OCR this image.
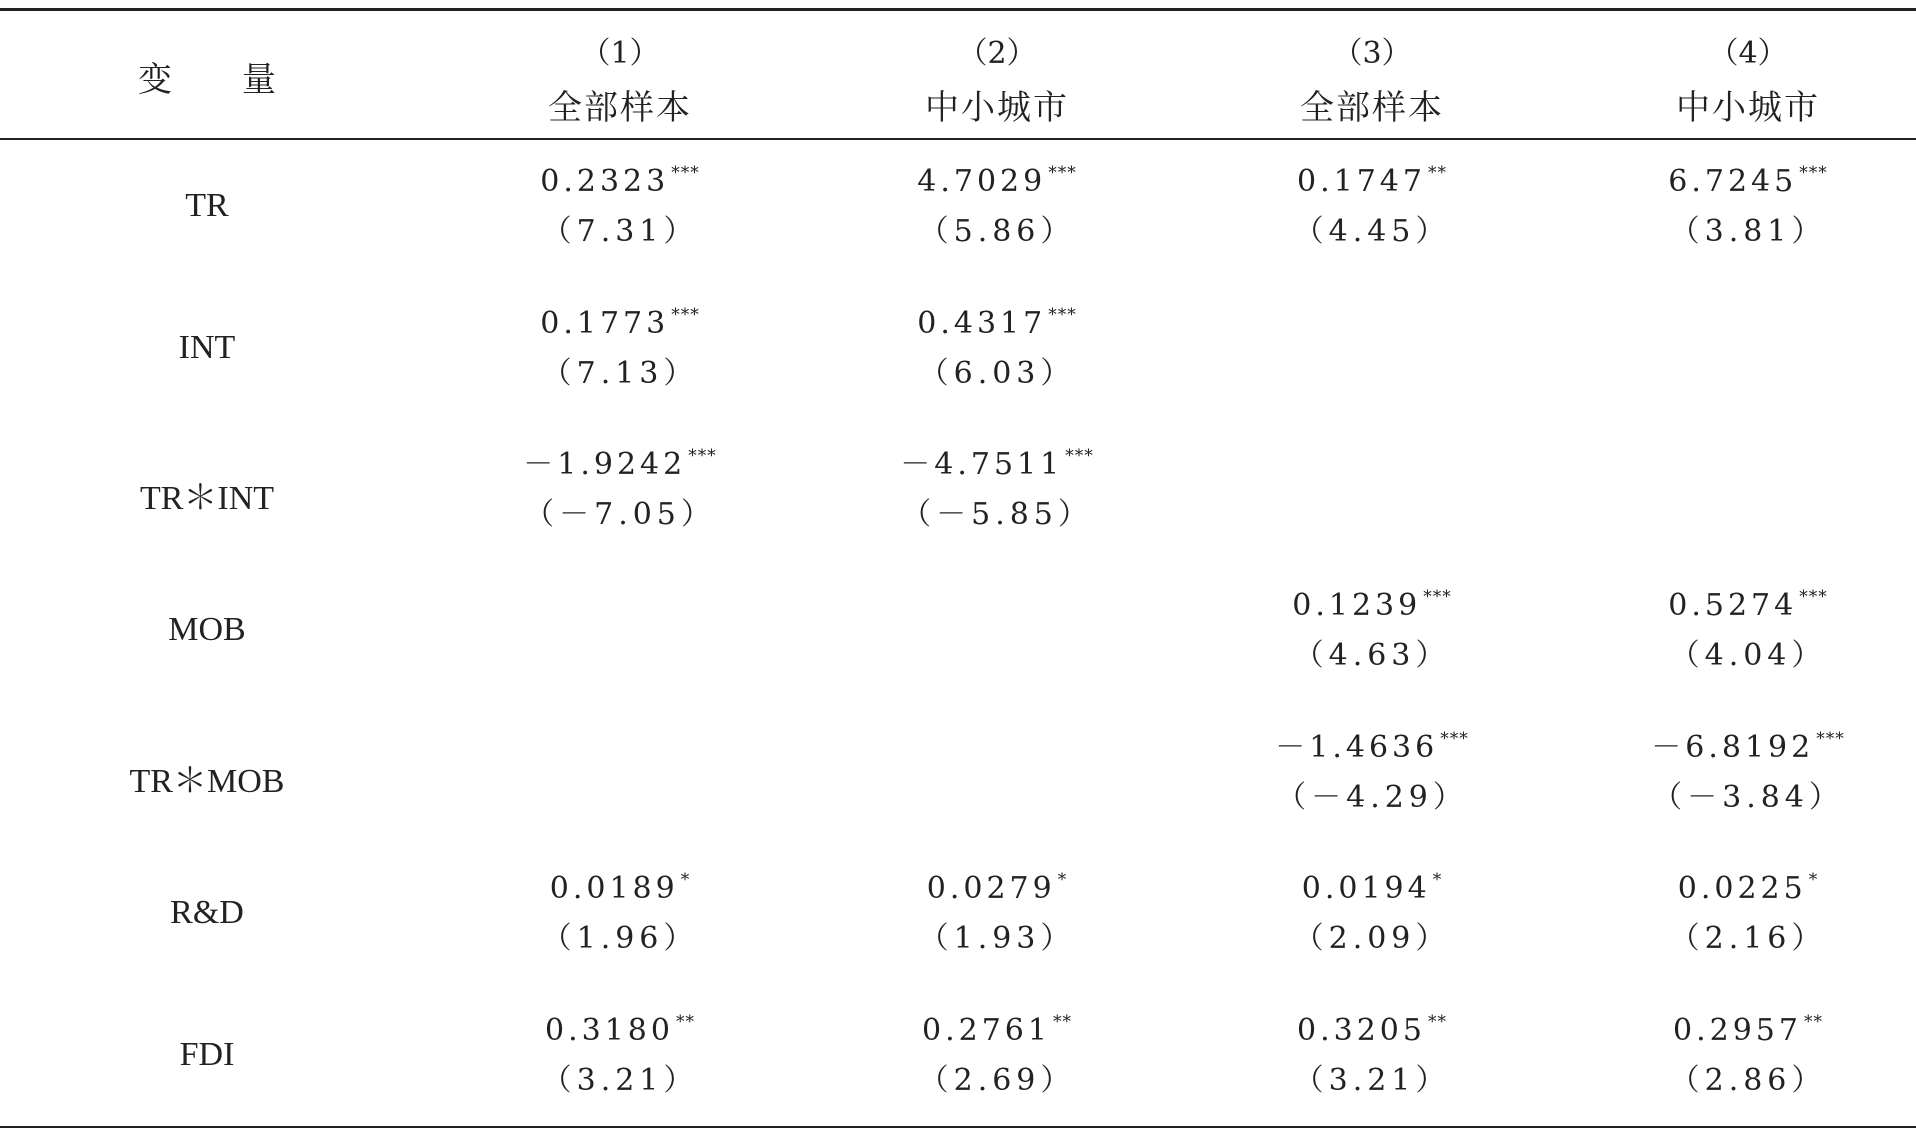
变 量
（1）
全部样本
（2）
中小城市
（3）
全部样本
（4）
中小城市
TR
0.2323 ***
（7.31）
4.7029 ***
（5.86）
0.1747 **
（4.45）
6.7245 ***
（3.81）
INT
0.1773 ***
（7.13）
0.4317 ***
（6.03）
TR＊INT
－1.9242 ***
（－7.05）
－4.7511 ***
（－5.85）
MOB
0.1239 ***
（4.63）
0.5274 ***
（4.04）
TR＊MOB
－1.4636 ***
（－4.29）
－6.8192 ***
（－3.84）
R&D
0.0189 *
（1.96）
0.0279 *
（1.93）
0.0194 *
（2.09）
0.0225 *
（2.16）
FDI
0.3180 **
（3.21）
0.2761 **
（2.69）
0.3205 **
（3.21）
0.2957 **
（2.86）
